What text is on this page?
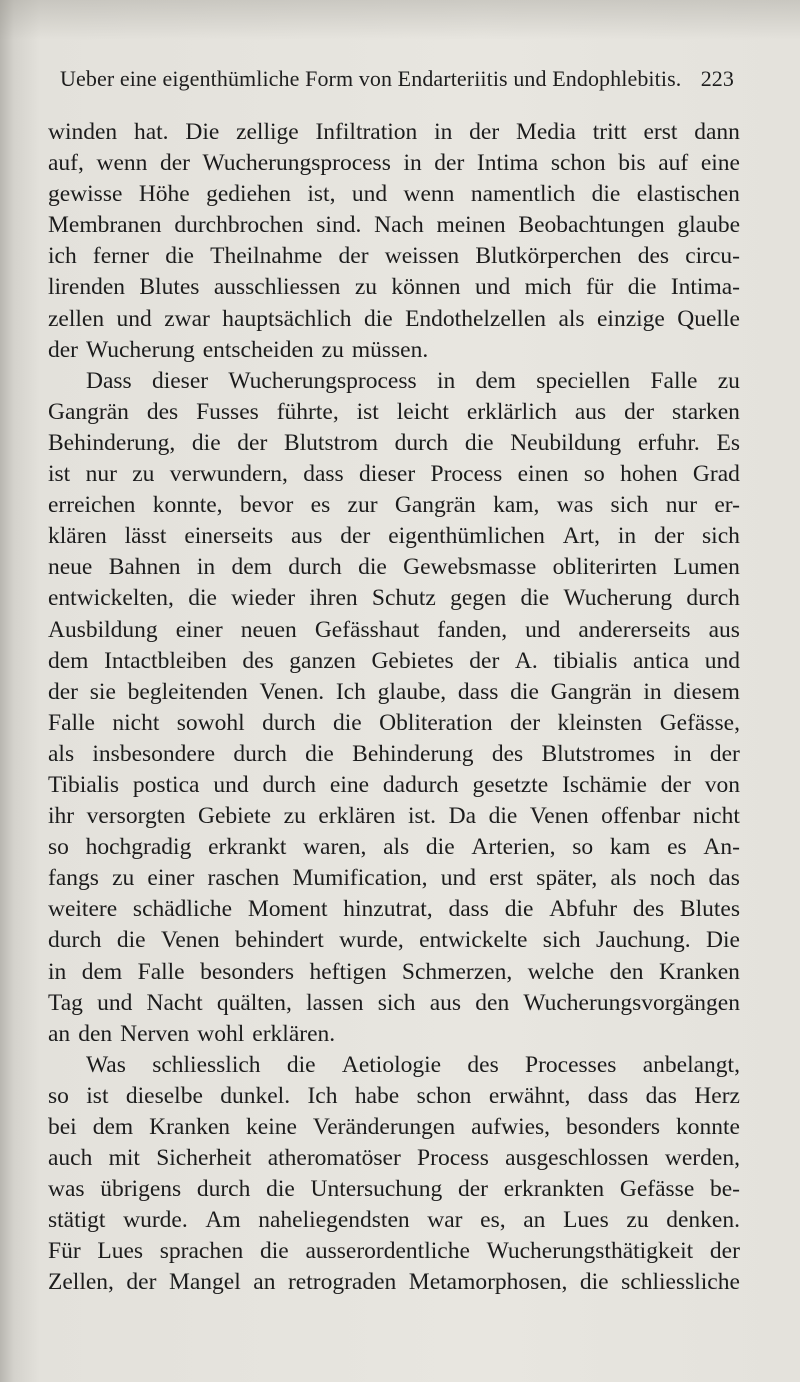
Ueber eine eigenthümliche Form von Endarteriitis und Endophlebitis. 223
winden hat. Die zellige Infiltration in der Media tritt erst dann
auf, wenn der Wucherungsprocess in der Intima schon bis auf eine
gewisse Höhe gediehen ist, und wenn namentlich die elastischen
Membranen durchbrochen sind. Nach meinen Beobachtungen glaube
ich ferner die Theilnahme der weissen Blutkörperchen des circu-
lirenden Blutes ausschliessen zu können und mich für die Intima-
zellen und zwar hauptsächlich die Endothelzellen als einzige Quelle
der Wucherung entscheiden zu müssen.
Dass dieser Wucherungsprocess in dem speciellen Falle zu
Gangrän des Fusses führte, ist leicht erklärlich aus der starken
Behinderung, die der Blutstrom durch die Neubildung erfuhr. Es
ist nur zu verwundern, dass dieser Process einen so hohen Grad
erreichen konnte, bevor es zur Gangrän kam, was sich nur er-
klären lässt einerseits aus der eigenthümlichen Art, in der sich
neue Bahnen in dem durch die Gewebsmasse obliterirten Lumen
entwickelten, die wieder ihren Schutz gegen die Wucherung durch
Ausbildung einer neuen Gefässhaut fanden, und andererseits aus
dem Intactbleiben des ganzen Gebietes der A. tibialis antica und
der sie begleitenden Venen. Ich glaube, dass die Gangrän in diesem
Falle nicht sowohl durch die Obliteration der kleinsten Gefässe,
als insbesondere durch die Behinderung des Blutstromes in der
Tibialis postica und durch eine dadurch gesetzte Ischämie der von
ihr versorgten Gebiete zu erklären ist. Da die Venen offenbar nicht
so hochgradig erkrankt waren, als die Arterien, so kam es An-
fangs zu einer raschen Mumification, und erst später, als noch das
weitere schädliche Moment hinzutrat, dass die Abfuhr des Blutes
durch die Venen behindert wurde, entwickelte sich Jauchung. Die
in dem Falle besonders heftigen Schmerzen, welche den Kranken
Tag und Nacht quälten, lassen sich aus den Wucherungsvorgängen
an den Nerven wohl erklären.
Was schliesslich die Aetiologie des Processes anbelangt,
so ist dieselbe dunkel. Ich habe schon erwähnt, dass das Herz
bei dem Kranken keine Veränderungen aufwies, besonders konnte
auch mit Sicherheit atheromatöser Process ausgeschlossen werden,
was übrigens durch die Untersuchung der erkrankten Gefässe be-
stätigt wurde. Am naheliegendsten war es, an Lues zu denken.
Für Lues sprachen die ausserordentliche Wucherungsthätigkeit der
Zellen, der Mangel an retrograden Metamorphosen, die schliessliche
